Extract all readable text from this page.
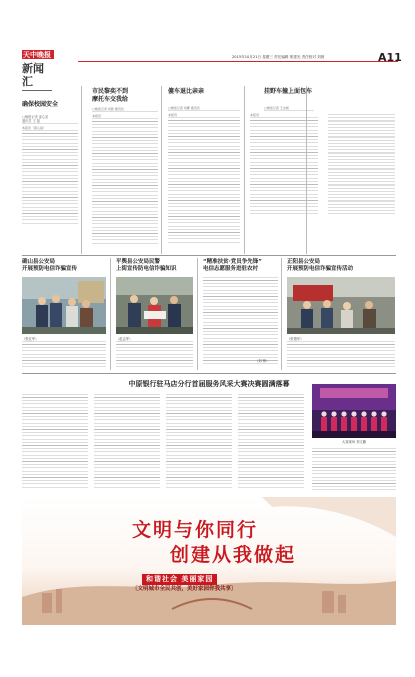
天中晚报	2015年10月21日 星期三 责任编辑 郭建光 责任校对 刘晨	A11
新闻汇
确保校园安全
□晚报记者 邵心星
通讯员 王 磊
本报讯（邵心星）
市民黎奕不到
摩托车交我给
□晚报记者 刘燕 通讯员
本报讯
傻车退比亲亲
□晚报记者 刘娜 通讯员
本报讯
挂野车撞上面包车
□晚报记者 王永晨
本报讯
确山县公安局
开展预防电信诈骗宣传
（张红军）
平舆县公安局民警
上街宣传防电信诈骗知识
（赵志军）
“精准扶贫·党员争先锋”
电信志愿服务进驻农村
（刘 锋）
正阳县公安局
开展预防电信诈骗宣传活动
（张瑞华）
中原银行驻马店分行首届服务风采大赛决赛圆满落幕
大赛现场 刘文鹏
文明与你同行
创建从我做起
和谐社会 美丽家园
〔文明城市全民共创，美好家园你我共享〕
